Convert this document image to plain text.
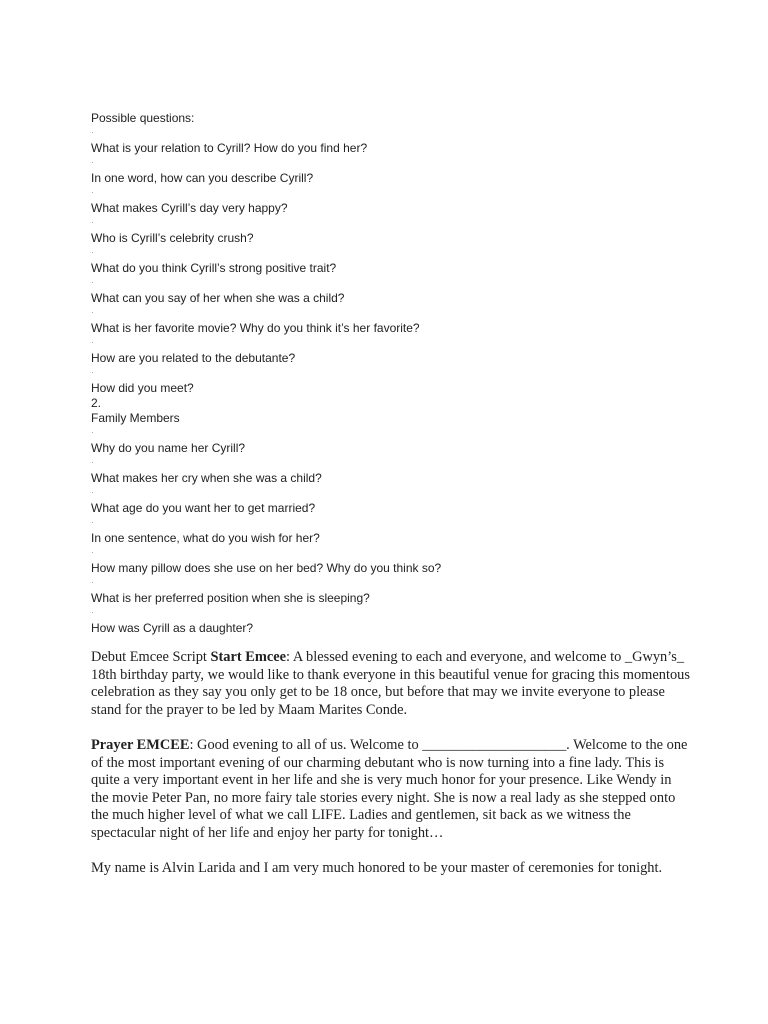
Possible questions:
·
What is your relation to Cyrill? How do you find her?
·
In one word, how can you describe Cyrill?
·
What makes Cyrill’s day very happy?
·
Who is Cyrill’s celebrity crush?
·
What do you think Cyrill’s strong positive trait?
·
What can you say of her when she was a child?
·
What is her favorite movie? Why do you think it’s her favorite?
·
How are you related to the debutante?
·
How did you meet?
2.
Family Members
·
Why do you name her Cyrill?
·
What makes her cry when she was a child?
·
What age do you want her to get married?
·
In one sentence, what do you wish for her?
·
How many pillow does she use on her bed? Why do you think so?
·
What is her preferred position when she is sleeping?
·
How was Cyrill as a daughter?

Debut Emcee Script Start Emcee: A blessed evening to each and everyone, and welcome to _Gwyn’s_ 18th birthday party, we would like to thank everyone in this beautiful venue for gracing this momentous celebration as they say you only get to be 18 once, but before that may we invite everyone to please stand for the prayer to be led by Maam Marites Conde.

Prayer EMCEE: Good evening to all of us. Welcome to ____________________. Welcome to the one of the most important evening of our charming debutant who is now turning into a fine lady. This is quite a very important event in her life and she is very much honor for your presence. Like Wendy in the movie Peter Pan, no more fairy tale stories every night. She is now a real lady as she stepped onto the much higher level of what we call LIFE. Ladies and gentlemen, sit back as we witness the spectacular night of her life and enjoy her party for tonight…

My name is Alvin Larida and I am very much honored to be your master of ceremonies for tonight.
